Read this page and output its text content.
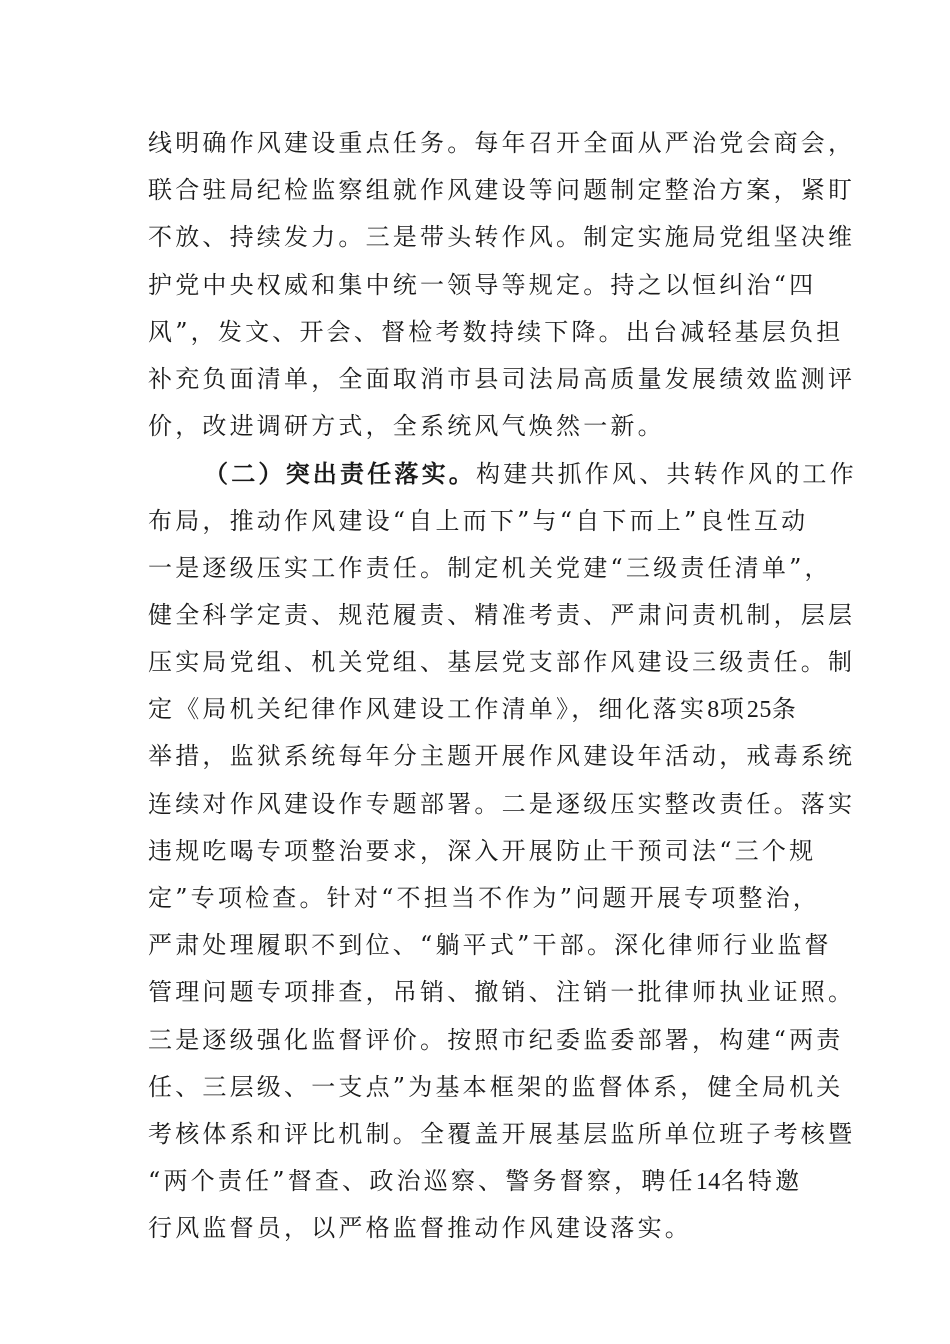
线明确作风建设重点任务。每年召开全面从严治党会商会，
联合驻局纪检监察组就作风建设等问题制定整治方案，紧盯
不放、持续发力。三是带头转作风。制定实施局党组坚决维
护党中央权威和集中统一领导等规定。持之以恒纠治“四
风”，发文、开会、督检考数持续下降。出台减轻基层负担
补充负面清单，全面取消市县司法局高质量发展绩效监测评
价，改进调研方式，全系统风气焕然一新。
（二）突出责任落实。构建共抓作风、共转作风的工作
布局，推动作风建设“自上而下”与“自下而上”良性互动
一是逐级压实工作责任。制定机关党建“三级责任清单”，
健全科学定责、规范履责、精准考责、严肃问责机制，层层
压实局党组、机关党组、基层党支部作风建设三级责任。制
定《局机关纪律作风建设工作清单》，细化落实8项25条
举措，监狱系统每年分主题开展作风建设年活动，戒毒系统
连续对作风建设作专题部署。二是逐级压实整改责任。落实
违规吃喝专项整治要求，深入开展防止干预司法“三个规
定”专项检查。针对“不担当不作为”问题开展专项整治，
严肃处理履职不到位、“躺平式”干部。深化律师行业监督
管理问题专项排查，吊销、撤销、注销一批律师执业证照。
三是逐级强化监督评价。按照市纪委监委部署，构建“两责
任、三层级、一支点”为基本框架的监督体系，健全局机关
考核体系和评比机制。全覆盖开展基层监所单位班子考核暨
“两个责任”督查、政治巡察、警务督察，聘任14名特邀
行风监督员，以严格监督推动作风建设落实。
